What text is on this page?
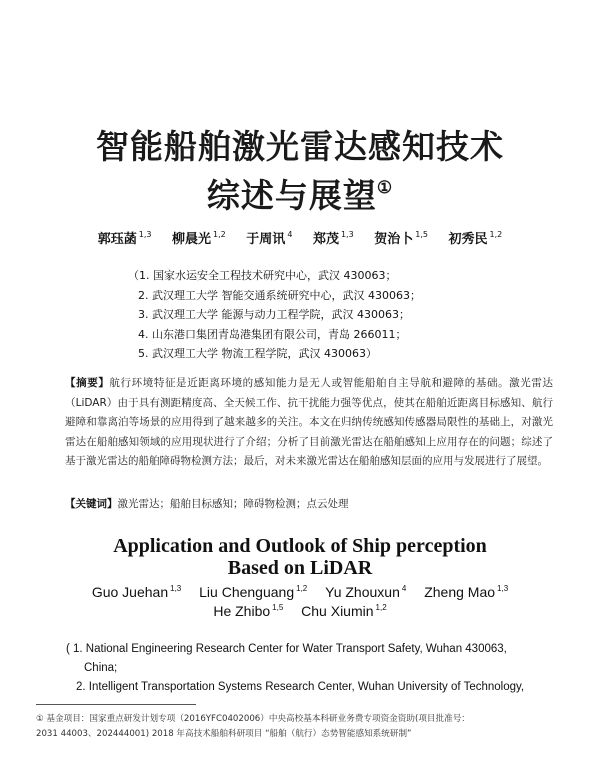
智能船舶激光雷达感知技术
综述与展望①
郭珏菡 $^{1,3}$ 柳晨光 $^{1,2}$ 于周讯 $^4$ 郑茂 $^{1,3}$ 贺治卜 $^{1,5}$ 初秀民 $^{1,2}$
（1. 国家水运安全工程技术研究中心，武汉 430063；
2. 武汉理工大学 智能交通系统研究中心，武汉 430063；
3. 武汉理工大学 能源与动力工程学院，武汉 430063；
4. 山东港口集团青岛港集团有限公司，青岛 266011；
5. 武汉理工大学 物流工程学院，武汉 430063）
【摘要】航行环境特征是近距离环境的感知能力是无人或智能船舶自主导航和避障的基础。激光雷达（LiDAR）由于具有测距精度高、全天候工作、抗干扰能力强等优点，使其在船舶近距离目标感知、航行避障和靠离泊等场景的应用得到了越来越多的关注。本文在归纳传统感知传感器局限性的基础上，对激光雷达在船舶感知领域的应用现状进行了介绍；分析了目前激光雷达在船舶感知上应用存在的问题；综述了基于激光雷达的船舶障碍物检测方法；最后，对未来激光雷达在船舶感知层面的应用与发展进行了展望。
【关键词】激光雷达；船舶目标感知；障碍物检测；点云处理
Application and Outlook of Ship perception
Based on LiDAR
Guo Juehan $^{1,3}$ Liu Chenguang $^{1,2}$ Yu Zhouxun $^4$ Zheng Mao $^{1,3}$
He Zhibo $^{1,5}$ Chu Xiumin $^{1,2}$
( 1. National Engineering Research Center for Water Transport Safety, Wuhan 430063,
China;
2. Intelligent Transportation Systems Research Center, Wuhan University of Technology,
① 基金项目：国家重点研发计划专项（2016YFC0402006）中央高校基本科研业务费专项资金资助(项目批准号：
2031 44003、202444001) 2018 年高技术船舶科研项目 “船舶（航行）态势智能感知系统研制”
